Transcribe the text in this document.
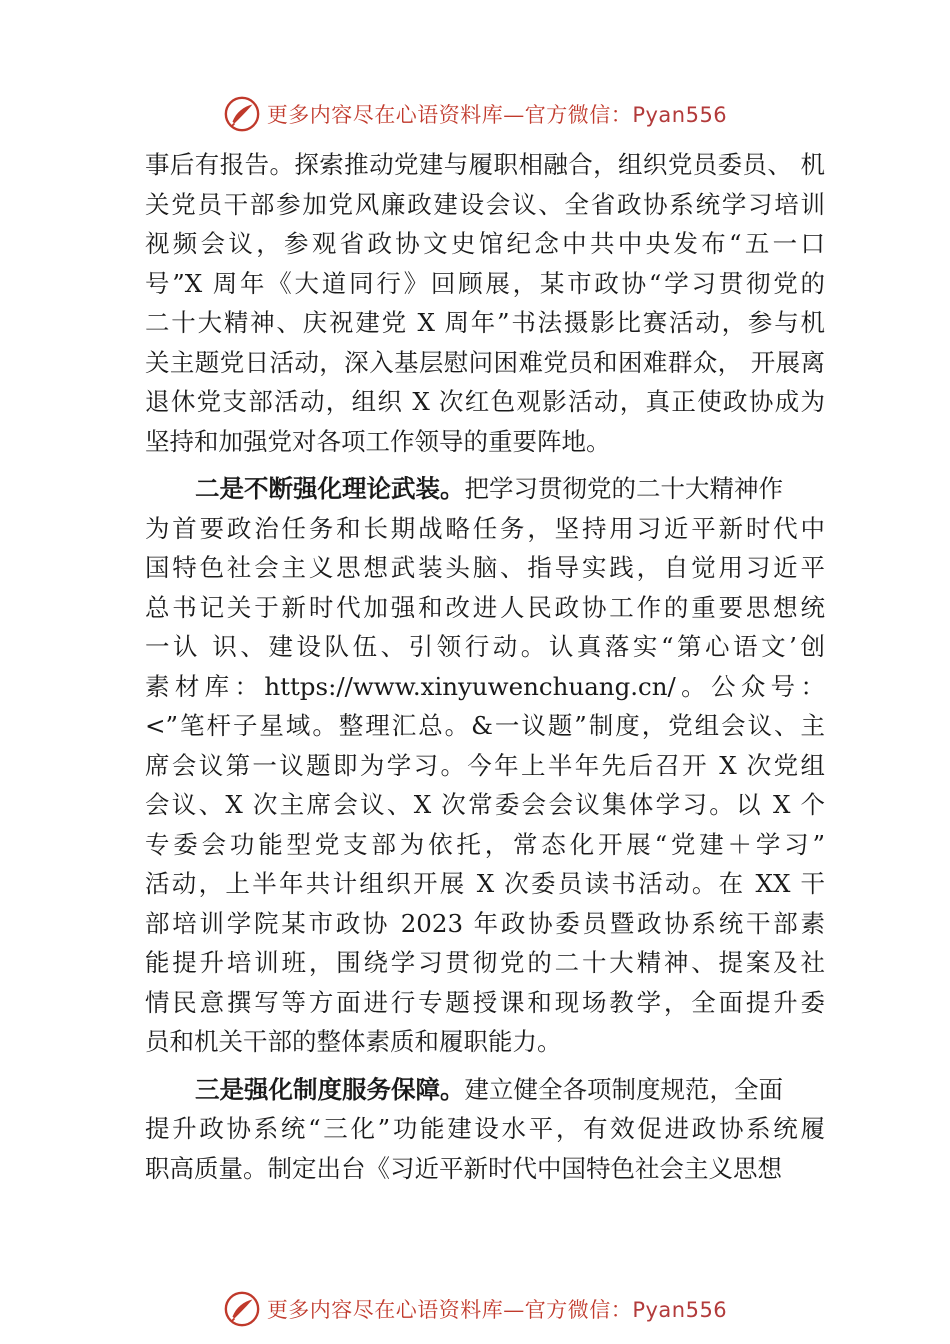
更多内容尽在心语资料库—官方微信：Pyan556
事后有报告。探索推动党建与履职相融合，组织党员委员、 机
关党员干部参加党风廉政建设会议、全省政协系统学习培训
视频会议，参观省政协文史馆纪念中共中央发布“五一口
号”X 周年《大道同行》回顾展，某市政协“学习贯彻党的
二十大精神、庆祝建党 X 周年”书法摄影比赛活动，参与机
关主题党日活动，深入基层慰问困难党员和困难群众， 开展离
退休党支部活动，组织 X 次红色观影活动，真正使政协成为
坚持和加强党对各项工作领导的重要阵地。
二是不断强化理论武装。把学习贯彻党的二十大精神作
为首要政治任务和长期战略任务，坚持用习近平新时代中
国特色社会主义思想武装头脑、指导实践，自觉用习近平
总书记关于新时代加强和改进人民政协工作的重要思想统
一认 识、建设队伍、引领行动。认真落实“第心语文’创
素材库：https://www.xinyuwenchuang.cn/。公众号：
<”笔杆子星域。整理汇总。&一议题”制度，党组会议、主
席会议第一议题即为学习。今年上半年先后召开 X 次党组
会议、X 次主席会议、X 次常委会会议集体学习。以 X 个
专委会功能型党支部为依托，常态化开展“党建＋学习”
活动，上半年共计组织开展 X 次委员读书活动。在 XX 干
部培训学院某市政协 2023 年政协委员暨政协系统干部素
能提升培训班，围绕学习贯彻党的二十大精神、提案及社
情民意撰写等方面进行专题授课和现场教学，全面提升委
员和机关干部的整体素质和履职能力。
三是强化制度服务保障。建立健全各项制度规范，全面
提升政协系统“三化”功能建设水平，有效促进政协系统履
职高质量。制定出台《习近平新时代中国特色社会主义思想
更多内容尽在心语资料库—官方微信：Pyan556
